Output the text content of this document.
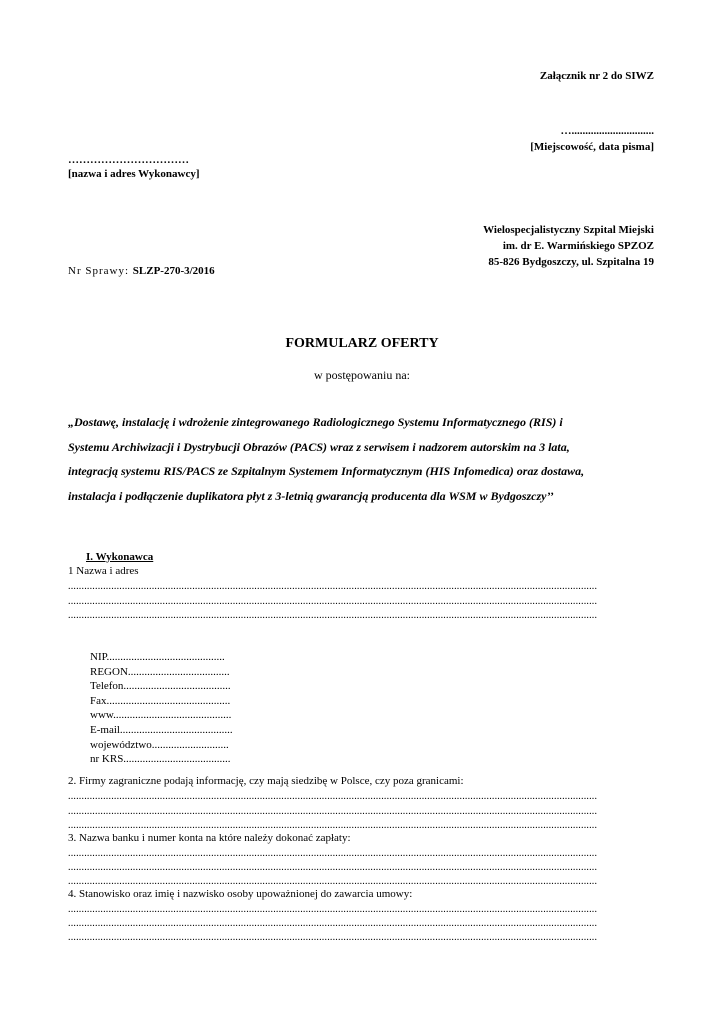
Załącznik nr 2 do SIWZ
…..............................
[Miejscowość, data pisma]
……………………………
[nazwa i adres Wykonawcy]
Wielospecjalistyczny Szpital Miejski
im. dr E. Warmińskiego SPZOZ
85-826 Bydgoszczy, ul. Szpitalna 19
Nr Sprawy: SLZP-270-3/2016
FORMULARZ OFERTY
w postępowaniu na:
„Dostawę, instalację i wdrożenie zintegrowanego Radiologicznego Systemu Informatycznego (RIS) i
Systemu Archiwizacji i Dystrybucji Obrazów (PACS) wraz z serwisem i nadzorem autorskim na 3 lata,
integracją systemu RIS/PACS ze Szpitalnym Systemem Informatycznym (HIS Infomedica) oraz dostawa,
instalacja i podłączenie duplikatora płyt z 3-letnią gwarancją producenta dla WSM w Bydgoszczy’’
I. Wykonawca
1 Nazwa i adres
....................................................................................................................................................................................................
....................................................................................................................................................................................................
....................................................................................................................................................................................................
NIP...........................................
REGON.....................................
Telefon.......................................
Fax.............................................
www...........................................
E-mail.........................................
województwo............................
nr KRS.......................................
2. Firmy zagraniczne podają informację, czy mają siedzibę w Polsce, czy poza granicami:
....................................................................................................................................................................................................
....................................................................................................................................................................................................
....................................................................................................................................................................................................
3. Nazwa banku i numer konta na które należy dokonać zapłaty:
....................................................................................................................................................................................................
....................................................................................................................................................................................................
....................................................................................................................................................................................................
4. Stanowisko oraz imię i nazwisko osoby upoważnionej do zawarcia umowy:
....................................................................................................................................................................................................
....................................................................................................................................................................................................
....................................................................................................................................................................................................
